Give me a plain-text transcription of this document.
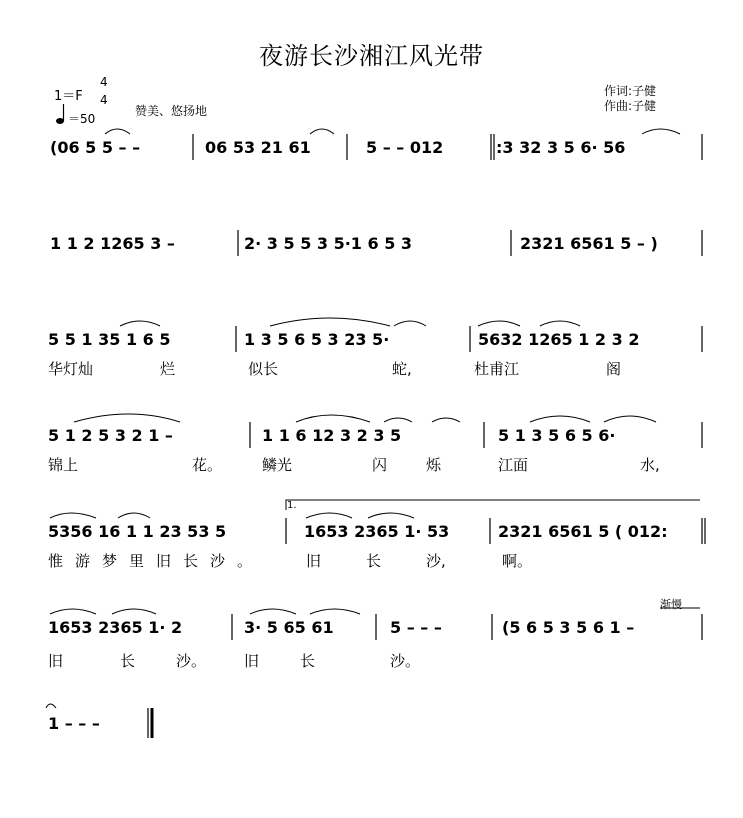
夜游长沙湘江风光带
1＝F
4
4
＝50
赞美、悠扬地
作词:子健
作曲:子健
(06 5 5 – –	06 53 21 61	5 – – 012	:3 32 3 5 6· 56
1 1 2 1265 3 –	2· 3 5 5 3 5·1 6 5 3	2321 6561 5 – )
5 5 1 35 1 6 5	1 3 5 6 5 3 23 5·	5632 1265 1 2 3 2
华灯灿	烂	似长	蛇,	杜甫江	阁
5 1 2 5 3 2 1 –	1 1 6 12 3 2 3 5	5 1 3 5 6 5 6·
锦上	花。	鳞光	闪	烁	江面	水,
5356 16 1 1 23 53 5	1653 2365 1· 53	2321 6561 5 ( 012:
惟游梦里旧长沙。	旧	长	沙,	啊。
1.
1653 2365 1· 2	3· 5 65 61	5 – – –	(5 6 5 3 5 6 1 –
旧	长	沙。	旧	长	沙。
渐慢
1 – – –
